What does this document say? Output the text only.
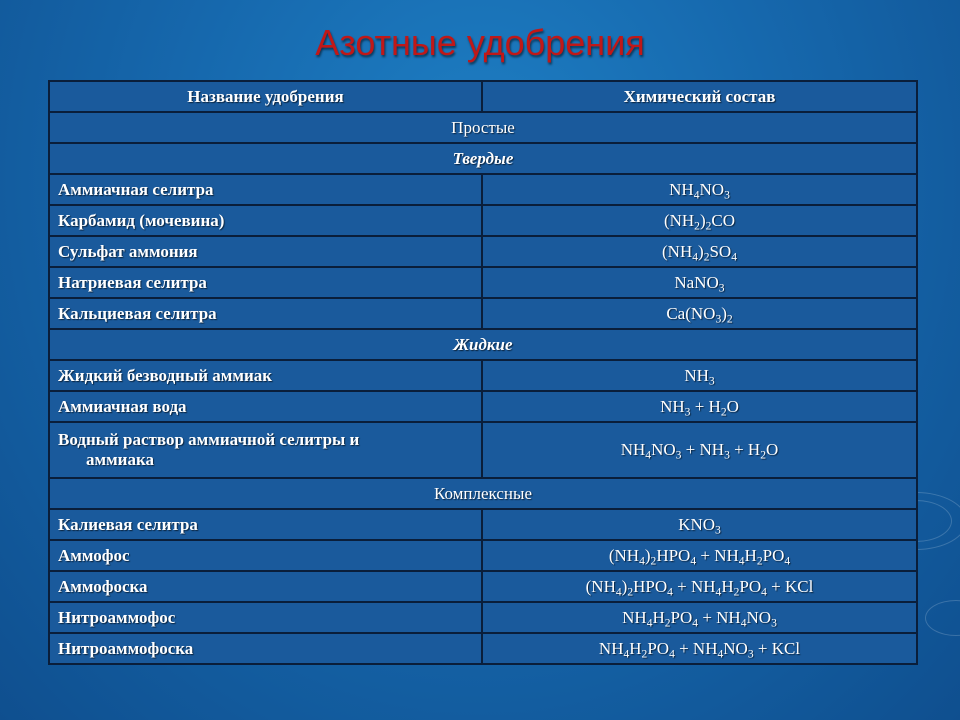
Азотные удобрения
Название удобрения	Химический состав
Простые	
Твердые	
Аммиачная селитра	$NH_4NO_3$
Карбамид (мочевина)	$(NH_2)_2CO$
Сульфат аммония	$(NH_4)_2SO_4$
Натриевая селитра	NaNO$_3$
Кальциевая селитра	$Ca(NO_3)_2$
Жидкие	
Жидкий безводный аммиак	$NH_3$
Аммиачная вода	$NH_3 + H_2O$
Водный раствор аммиачной селитры и
аммиака	$NH_4NO_3 + NH_3 + H_2O$
Комплексные	
Калиевая селитра	$KNO_3$
Аммофос	$(NH_4)_2HPO_4 + NH_4H_2PO_4$
Аммофоска	$(NH_4)_2HPO_4 + NH_4H_2PO_4$ + KCl
Нитроаммофос	$NH_4H_2PO_4 + NH_4NO_3$
Нитроаммофоска	$NH_4H_2PO_4 + NH_4NO_3$ + KCl
